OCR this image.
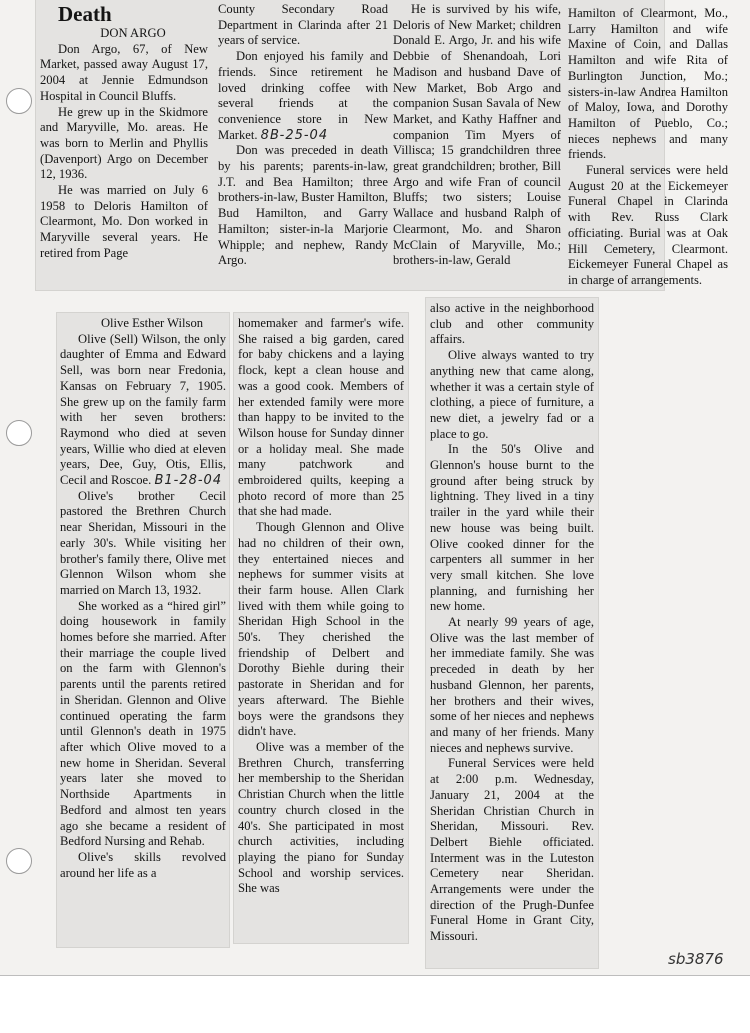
Death

DON ARGO

Don Argo, 67, of New Market, passed away August 17, 2004 at Jennie Edmundson Hospital in Council Bluffs.

He grew up in the Skidmore and Maryville, Mo. areas. He was born to Merlin and Phyllis (Davenport) Argo on December 12, 1936.

He was married on July 6 1958 to Deloris Hamilton of Clearmont, Mo. Don worked in Maryville several years. He retired from Page

County Secondary Road Department in Clarinda after 21 years of service.

Don enjoyed his family and friends. Since retirement he loved drinking coffee with several friends at the convenience store in New Market. 8B-25-04

Don was preceded in death by his parents; parents-in-law, J.T. and Bea Hamilton; three brothers-in-law, Buster Hamilton, Bud Hamilton, and Garry Hamilton; sister-in-la Marjorie Whipple; and nephew, Randy Argo.

He is survived by his wife, Deloris of New Market; children Donald E. Argo, Jr. and his wife Debbie of Shenandoah, Lori Madison and husband Dave of New Market, Bob Argo and companion Susan Savala of New Market, and Kathy Haffner and companion Tim Myers of Villisca; 15 grandchildren three great grandchildren; brother, Bill Argo and wife Fran of council Bluffs; two sisters; Louise Wallace and husband Ralph of Clearmont, Mo. and Sharon McClain of Maryville, Mo.; brothers-in-law, Gerald

Hamilton of Clearmont, Mo., Larry Hamilton and wife Maxine of Coin, and Dallas Hamilton and wife Rita of Burlington Junction, Mo.; sisters-in-law Andrea Hamilton of Maloy, Iowa, and Dorothy Hamilton of Pueblo, Co.; nieces nephews and many friends.

Funeral services were held August 20 at the Eickemeyer Funeral Chapel in Clarinda with Rev. Russ Clark officiating. Burial was at Oak Hill Cemetery, Clearmont. Eickemeyer Funeral Chapel as in charge of arrangements.

Olive Esther Wilson

Olive (Sell) Wilson, the only daughter of Emma and Edward Sell, was born near Fredonia, Kansas on February 7, 1905. She grew up on the family farm with her seven brothers: Raymond who died at seven years, Willie who died at eleven years, Dee, Guy, Otis, Ellis, Cecil and Roscoe. B1-28-04

Olive's brother Cecil pastored the Brethren Church near Sheridan, Missouri in the early 30's. While visiting her brother's family there, Olive met Glennon Wilson whom she married on March 13, 1932.

She worked as a “hired girl” doing housework in family homes before she married. After their marriage the couple lived on the farm with Glennon's parents until the parents retired in Sheridan. Glennon and Olive continued operating the farm until Glennon's death in 1975 after which Olive moved to a new home in Sheridan. Several years later she moved to Northside Apartments in Bedford and almost ten years ago she became a resident of Bedford Nursing and Rehab.

Olive's skills revolved around her life as a

homemaker and farmer's wife. She raised a big garden, cared for baby chickens and a laying flock, kept a clean house and was a good cook. Members of her extended family were more than happy to be invited to the Wilson house for Sunday dinner or a holiday meal. She made many patchwork and embroidered quilts, keeping a photo record of more than 25 that she had made.

Though Glennon and Olive had no children of their own, they entertained nieces and nephews for summer visits at their farm house. Allen Clark lived with them while going to Sheridan High School in the 50's. They cherished the friendship of Delbert and Dorothy Biehle during their pastorate in Sheridan and for years afterward. The Biehle boys were the grandsons they didn't have.

Olive was a member of the Brethren Church, transferring her membership to the Sheridan Christian Church when the little country church closed in the 40's. She participated in most church activities, including playing the piano for Sunday School and worship services. She was

also active in the neighborhood club and other community affairs.

Olive always wanted to try anything new that came along, whether it was a certain style of clothing, a piece of furniture, a new diet, a jewelry fad or a place to go.

In the 50's Olive and Glennon's house burnt to the ground after being struck by lightning. They lived in a tiny trailer in the yard while their new house was being built. Olive cooked dinner for the carpenters all summer in her very small kitchen. She love planning, and furnishing her new home.

At nearly 99 years of age, Olive was the last member of her immediate family. She was preceded in death by her husband Glennon, her parents, her brothers and their wives, some of her nieces and nephews and many of her friends. Many nieces and nephews survive.

Funeral Services were held at 2:00 p.m. Wednesday, January 21, 2004 at the Sheridan Christian Church in Sheridan, Missouri. Rev. Delbert Biehle officiated. Interment was in the Luteston Cemetery near Sheridan. Arrangements were under the direction of the Prugh-Dunfee Funeral Home in Grant City, Missouri.

sb3876
